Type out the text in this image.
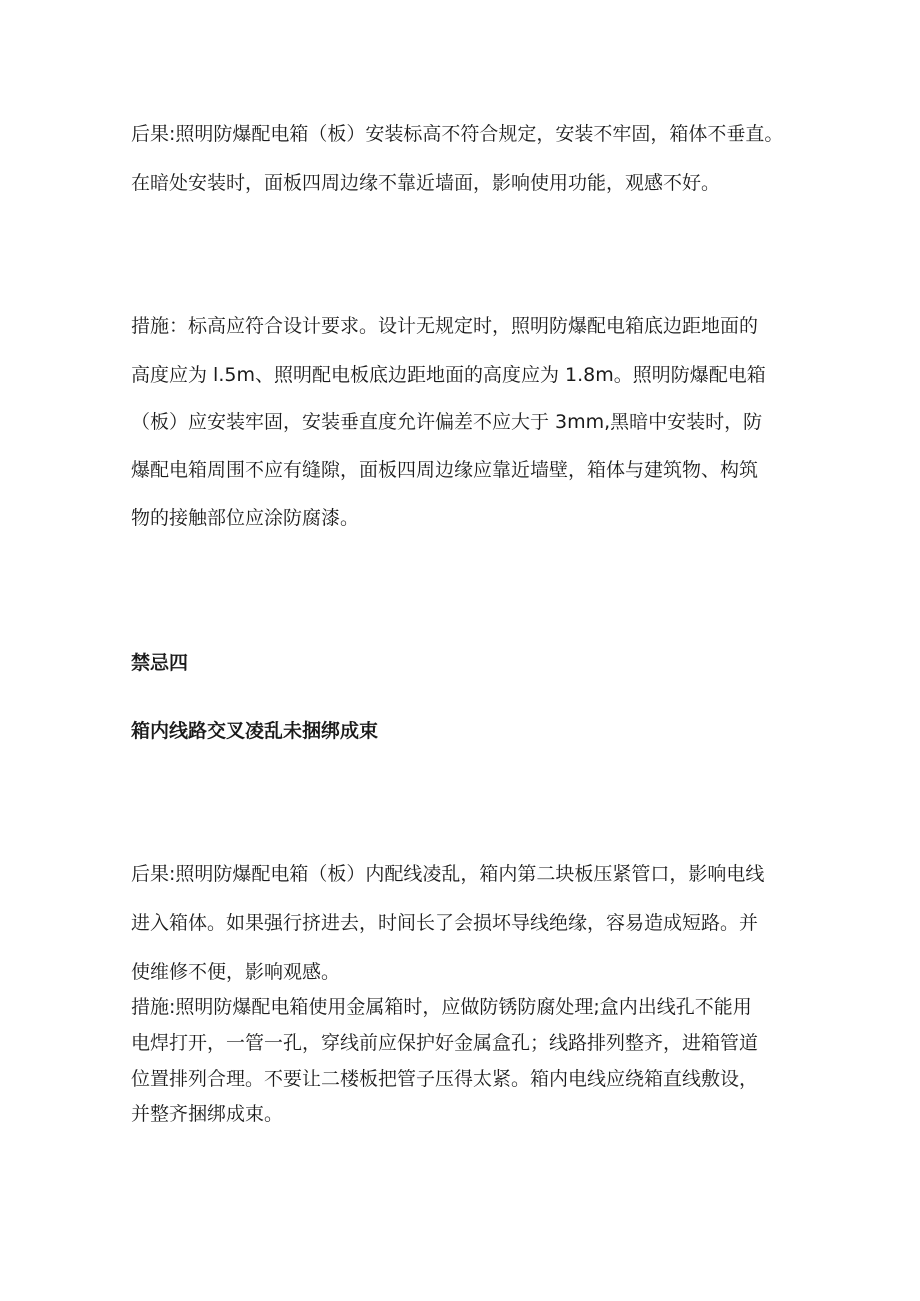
后果:照明防爆配电箱（板）安装标高不符合规定，安装不牢固，箱体不垂直。
在暗处安装时，面板四周边缘不靠近墙面，影响使用功能，观感不好。
措施：标高应符合设计要求。设计无规定时，照明防爆配电箱底边距地面的
高度应为 l.5m、照明配电板底边距地面的高度应为 1.8m。照明防爆配电箱
（板）应安装牢固，安装垂直度允许偏差不应大于 3mm,黑暗中安装时，防
爆配电箱周围不应有缝隙，面板四周边缘应靠近墙壁，箱体与建筑物、构筑
物的接触部位应涂防腐漆。
禁忌四
箱内线路交叉凌乱未捆绑成束
后果:照明防爆配电箱（板）内配线凌乱，箱内第二块板压紧管口，影响电线
进入箱体。如果强行挤进去，时间长了会损坏导线绝缘，容易造成短路。并
使维修不便，影响观感。
措施:照明防爆配电箱使用金属箱时，应做防锈防腐处理;盒内出线孔不能用
电焊打开，一管一孔，穿线前应保护好金属盒孔；线路排列整齐，进箱管道
位置排列合理。不要让二楼板把管子压得太紧。箱内电线应绕箱直线敷设，
并整齐捆绑成束。
